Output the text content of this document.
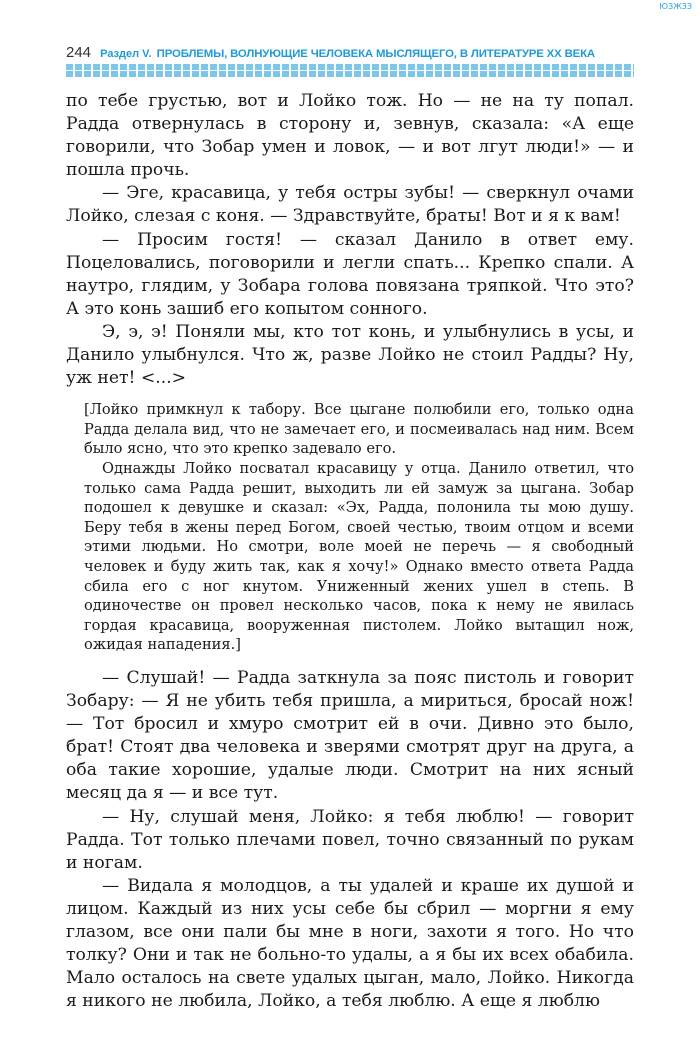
ЮЗЖЗЗ
244 Раздел V. ПРОБЛЕМЫ, ВОЛНУЮЩИЕ ЧЕЛОВЕКА МЫСЛЯЩЕГО, В ЛИТЕРАТУРЕ XX ВЕКА

по тебе грустью, вот и Лойко тож. Но — не на ту попал. Радда отвернулась в сторону и, зевнув, сказала: «А еще говорили, что Зобар умен и ловок, — и вот лгут люди!» — и пошла прочь.

— Эге, красавица, у тебя остры зубы! — сверкнул очами Лойко, слезая с коня. — Здравствуйте, браты! Вот и я к вам!

— Просим гостя! — сказал Данило в ответ ему. Поцеловались, поговорили и легли спать... Крепко спали. А наутро, глядим, у Зобара голова повязана тряпкой. Что это? А это конь зашиб его копытом сонного.

Э, э, э! Поняли мы, кто тот конь, и улыбнулись в усы, и Данило улыбнулся. Что ж, разве Лойко не стоил Радды? Ну, уж нет! <...>

[Лойко примкнул к табору. Все цыгане полюбили его, только одна Радда делала вид, что не замечает его, и посмеивалась над ним. Всем было ясно, что это крепко задевало его.

Однажды Лойко посватал красавицу у отца. Данило ответил, что только сама Радда решит, выходить ли ей замуж за цыгана. Зобар подошел к девушке и сказал: «Эх, Радда, полонила ты мою душу. Беру тебя в жены перед Богом, своей честью, твоим отцом и всеми этими людьми. Но смотри, воле моей не перечь — я свободный человек и буду жить так, как я хочу!» Однако вместо ответа Радда сбила его с ног кнутом. Униженный жених ушел в степь. В одиночестве он провел несколько часов, пока к нему не явилась гордая красавица, вооруженная пистолем. Лойко вытащил нож, ожидая нападения.]

— Слушай! — Радда заткнула за пояс пистоль и говорит Зобару: — Я не убить тебя пришла, а мириться, бросай нож! — Тот бросил и хмуро смотрит ей в очи. Дивно это было, брат! Стоят два человека и зверями смотрят друг на друга, а оба такие хорошие, удалые люди. Смотрит на них ясный месяц да я — и все тут.

— Ну, слушай меня, Лойко: я тебя люблю! — говорит Радда. Тот только плечами повел, точно связанный по рукам и ногам.

— Видала я молодцов, а ты удалей и краше их душой и лицом. Каждый из них усы себе бы сбрил — моргни я ему глазом, все они пали бы мне в ноги, захоти я того. Но что толку? Они и так не больно-то удалы, а я бы их всех обабила. Мало осталось на свете удалых цыган, мало, Лойко. Никогда я никого не любила, Лойко, а тебя люблю. А еще я люблю
